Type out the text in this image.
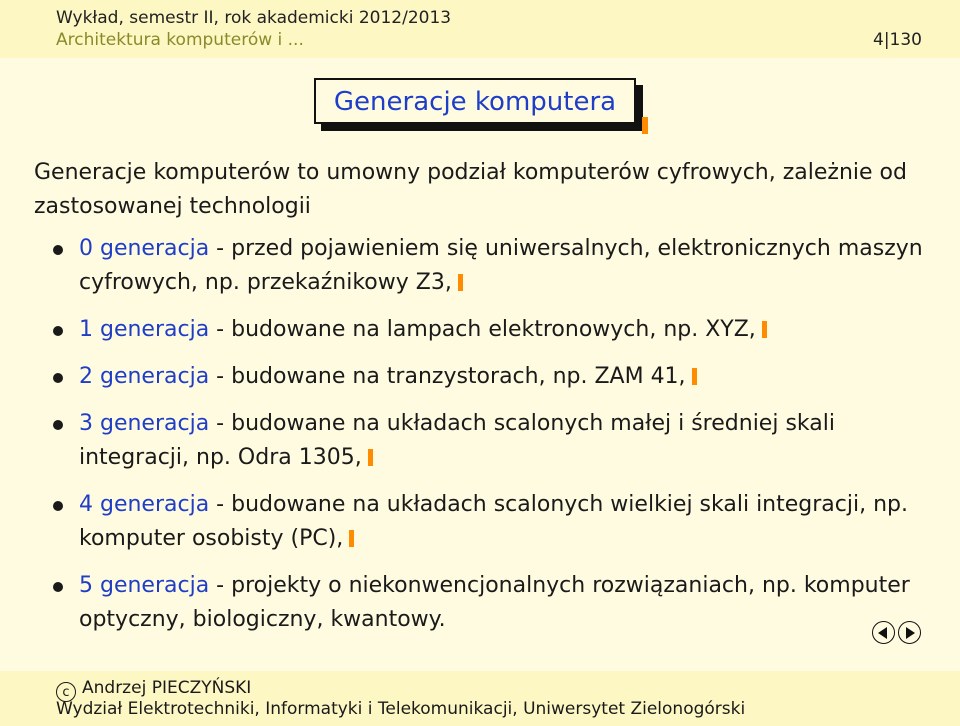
Wykład, semestr II, rok akademicki 2012/2013
Architektura komputerów i ...	4|130
Generacje komputera
Generacje komputerów to umowny podział komputerów cyfrowych, zależnie od zastosowanej technologii
0 generacja - przed pojawieniem się uniwersalnych, elektronicznych maszyn cyfrowych, np. przekaźnikowy Z3,
1 generacja - budowane na lampach elektronowych, np. XYZ,
2 generacja - budowane na tranzystorach, np. ZAM 41,
3 generacja - budowane na układach scalonych małej i średniej skali integracji, np. Odra 1305,
4 generacja - budowane na układach scalonych wielkiej skali integracji, np. komputer osobisty (PC),
5 generacja - projekty o niekonwencjonalnych rozwiązaniach, np. komputer optyczny, biologiczny, kwantowy.
c Andrzej PIECZYŃSKI
Wydział Elektrotechniki, Informatyki i Telekomunikacji, Uniwersytet Zielonogórski
